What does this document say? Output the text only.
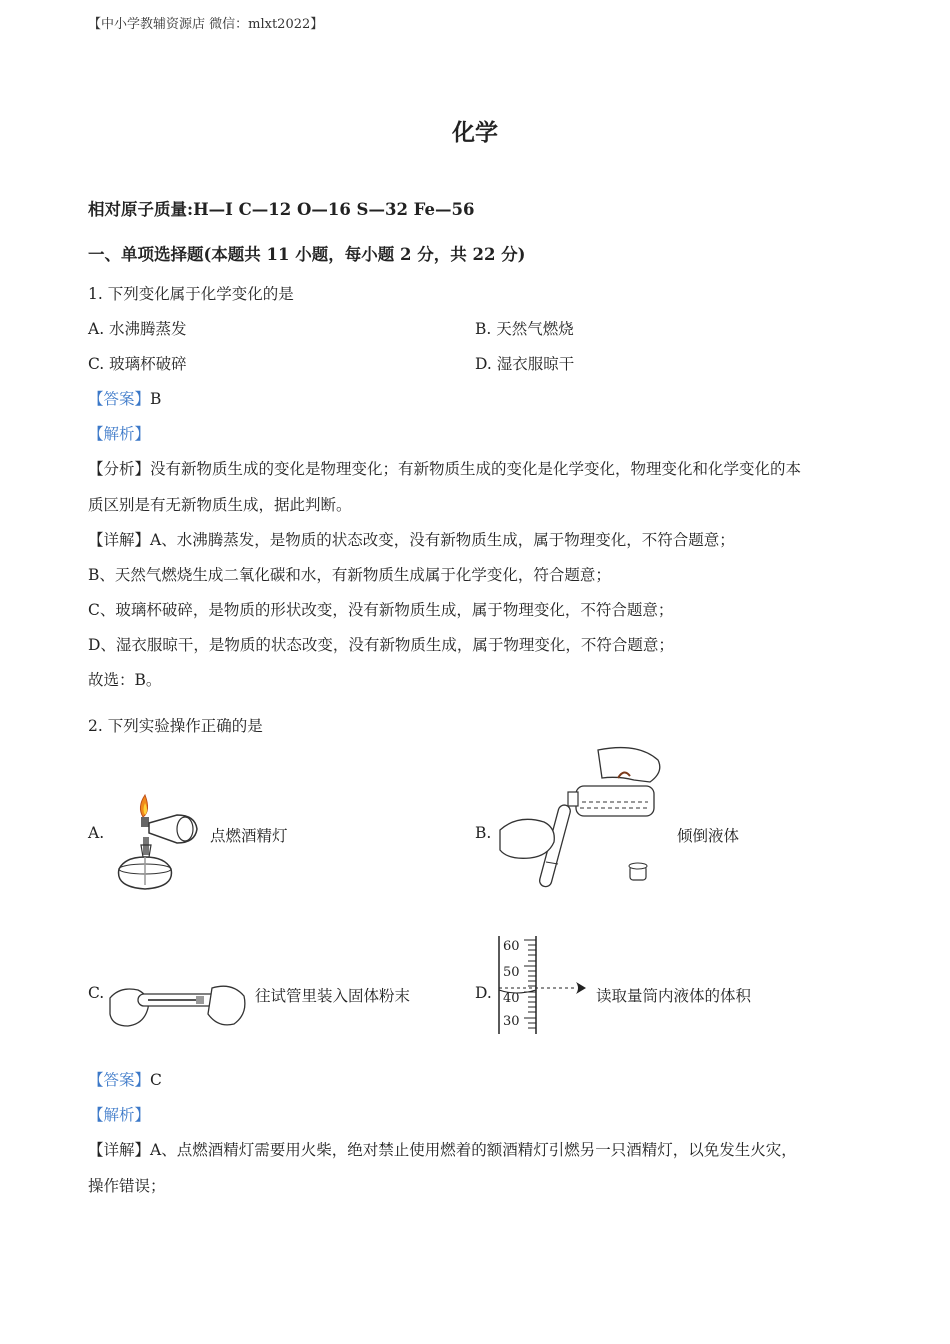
【中小学教辅资源店 微信：mlxt2022】
化学
相对原子质量:H—I C—12 O—16 S—32 Fe—56
一、单项选择题(本题共 11 小题，每小题 2 分，共 22 分)
1. 下列变化属于化学变化的是
A. 水沸腾蒸发	B. 天然气燃烧
C. 玻璃杯破碎	D. 湿衣服晾干
【答案】B
【解析】
【分析】没有新物质生成的变化是物理变化；有新物质生成的变化是化学变化，物理变化和化学变化的本
质区别是有无新物质生成，据此判断。
【详解】A、水沸腾蒸发，是物质的状态改变，没有新物质生成，属于物理变化，不符合题意；
B、天然气燃烧生成二氧化碳和水，有新物质生成属于化学变化，符合题意；
C、玻璃杯破碎，是物质的形状改变，没有新物质生成，属于物理变化，不符合题意；
D、湿衣服晾干，是物质的状态改变，没有新物质生成，属于物理变化，不符合题意；
故选：B。
2. 下列实验操作正确的是
A.	点燃酒精灯	B.	倾倒液体
C.	往试管里装入固体粉末	D.
60
50
40
30
读取量筒内液体的体积
【答案】C
【解析】
【详解】A、点燃酒精灯需要用火柴，绝对禁止使用燃着的额酒精灯引燃另一只酒精灯，以免发生火灾，
操作错误；
